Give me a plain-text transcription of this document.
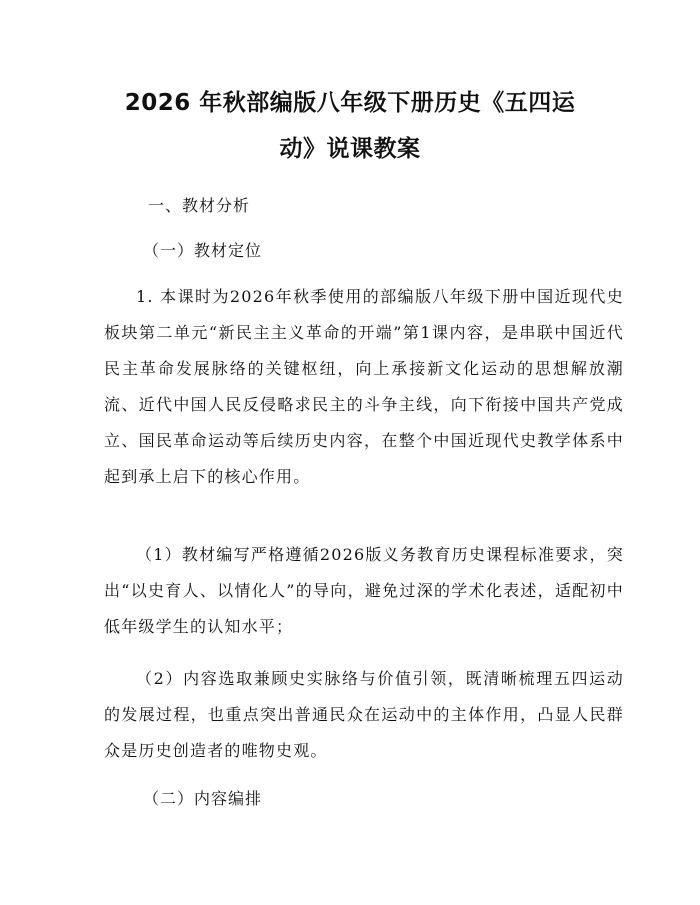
2026 年秋部编版八年级下册历史《五四运
动》说课教案
一、教材分析
（一）教材定位
1. 本课时为2026年秋季使用的部编版八年级下册中国近现代史板块第二单元“新民主主义革命的开端”第1课内容，是串联中国近代民主革命发展脉络的关键枢纽，向上承接新文化运动的思想解放潮流、近代中国人民反侵略求民主的斗争主线，向下衔接中国共产党成立、国民革命运动等后续历史内容，在整个中国近现代史教学体系中起到承上启下的核心作用。
（1）教材编写严格遵循2026版义务教育历史课程标准要求，突出“以史育人、以情化人”的导向，避免过深的学术化表述，适配初中低年级学生的认知水平；
（2）内容选取兼顾史实脉络与价值引领，既清晰梳理五四运动的发展过程，也重点突出普通民众在运动中的主体作用，凸显人民群众是历史创造者的唯物史观。
（二）内容编排
